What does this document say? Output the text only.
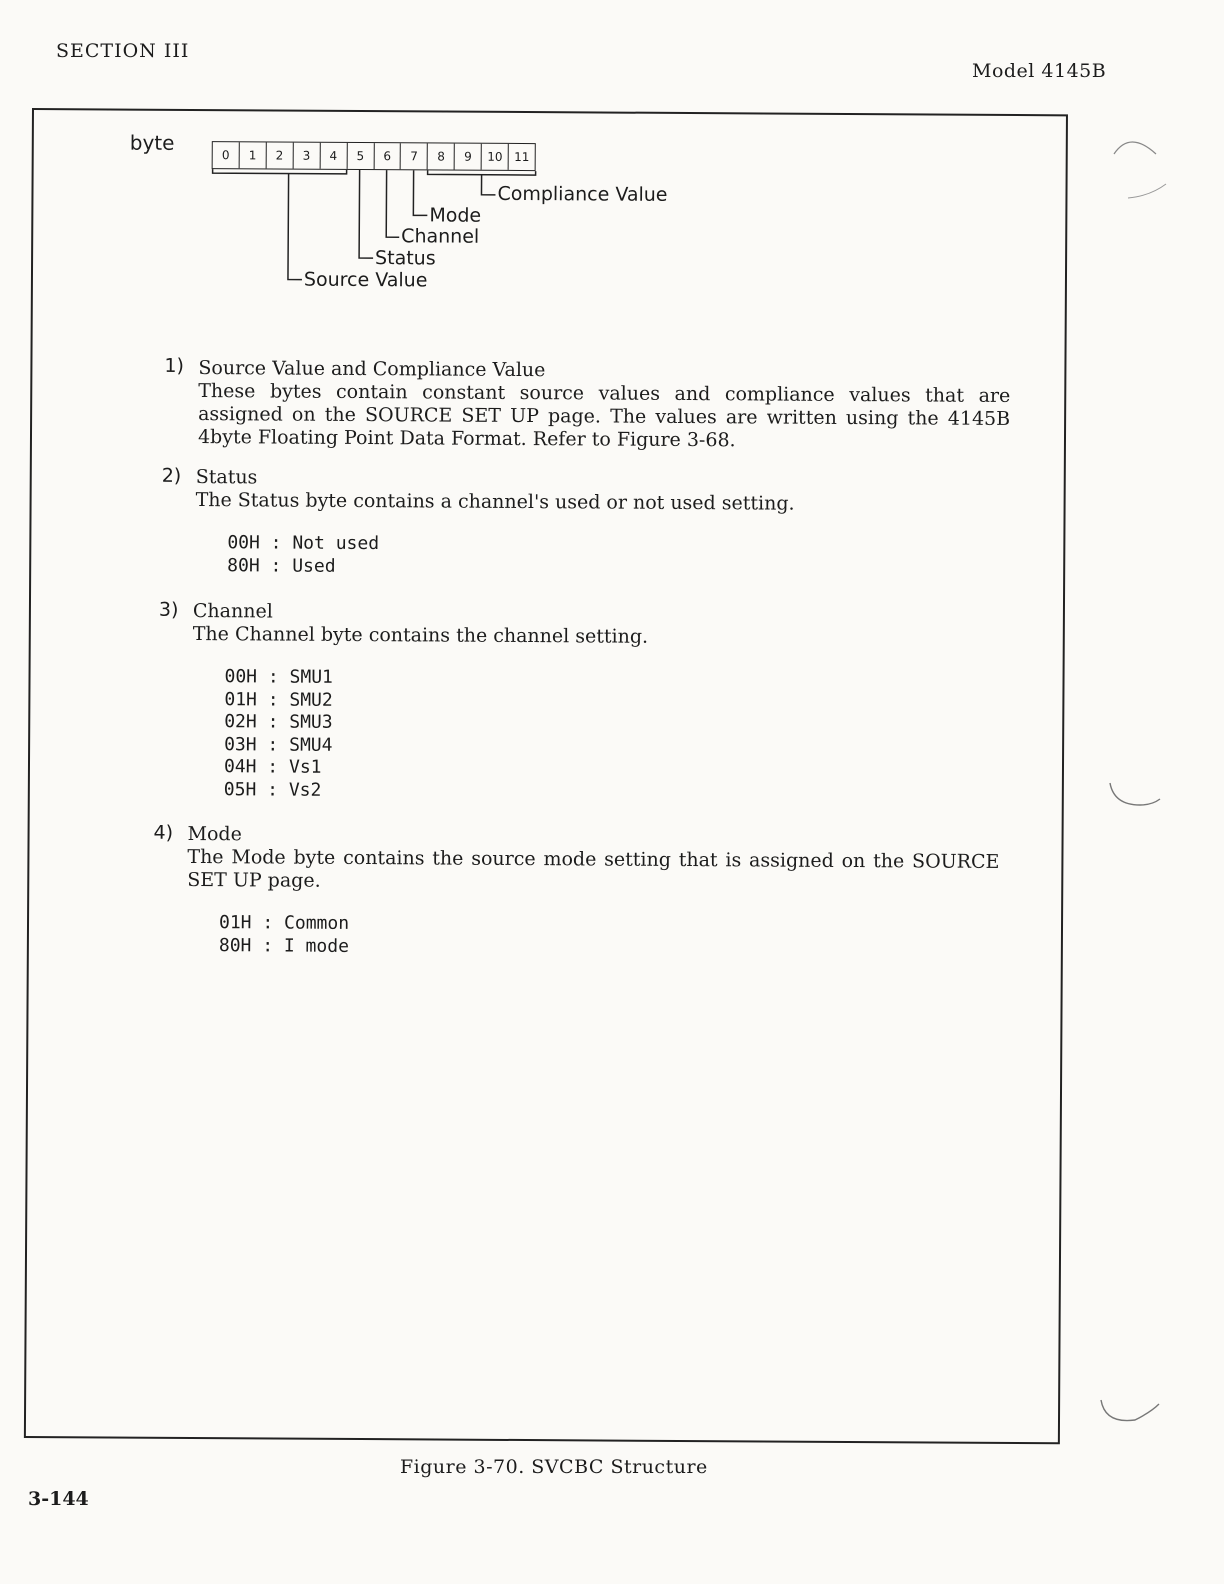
SECTION III
Model 4145B
byte
0	1	2	3	4	5	6	7	8	9	10 11
Compliance Value
Mode
Channel
Status
Source Value
1) Source Value and Compliance Value
These bytes contain constant source values and compliance values that are
assigned on the SOURCE SET UP page. The values are written using the 4145B
4byte Floating Point Data Format. Refer to Figure 3-68.
2) Status
The Status byte contains a channel's used or not used setting.
00H : Not used
80H : Used
3) Channel
The Channel byte contains the channel setting.
00H : SMU1
01H : SMU2
02H : SMU3
03H : SMU4
04H : Vs1
05H : Vs2
4) Mode
The Mode byte contains the source mode setting that is assigned on the SOURCE
SET UP page.
01H : Common
80H : I mode
Figure 3-70. SVCBC Structure
3-144
